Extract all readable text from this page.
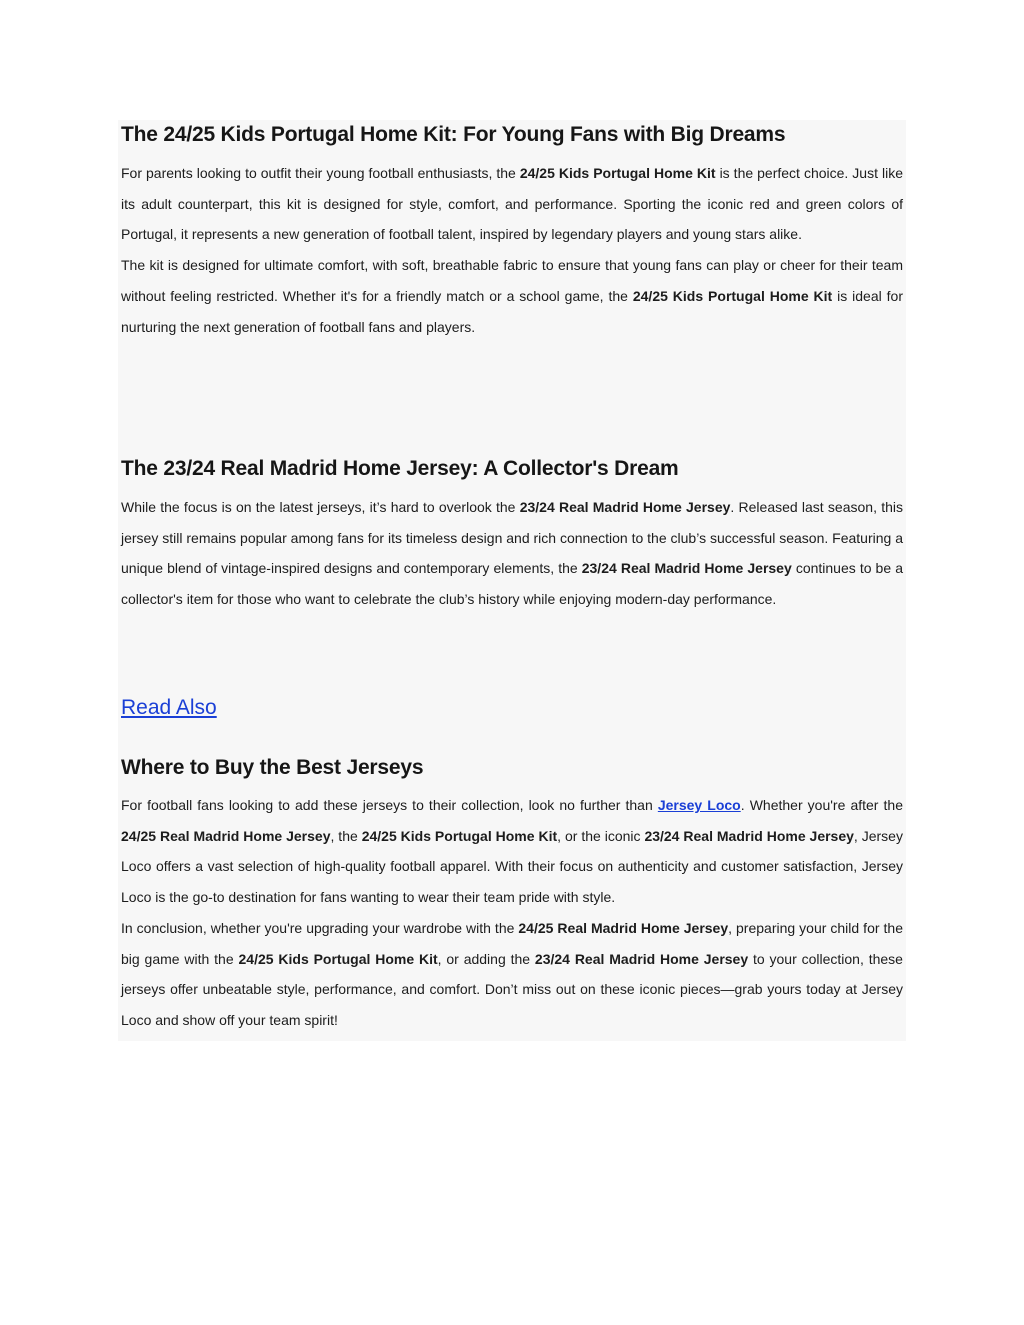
The 24/25 Kids Portugal Home Kit: For Young Fans with Big Dreams

For parents looking to outfit their young football enthusiasts, the 24/25 Kids Portugal Home Kit is the perfect choice. Just like its adult counterpart, this kit is designed for style, comfort, and performance. Sporting the iconic red and green colors of Portugal, it represents a new generation of football talent, inspired by legendary players and young stars alike.

The kit is designed for ultimate comfort, with soft, breathable fabric to ensure that young fans can play or cheer for their team without feeling restricted. Whether it's for a friendly match or a school game, the 24/25 Kids Portugal Home Kit is ideal for nurturing the next generation of football fans and players.

The 23/24 Real Madrid Home Jersey: A Collector's Dream

While the focus is on the latest jerseys, it’s hard to overlook the 23/24 Real Madrid Home Jersey. Released last season, this jersey still remains popular among fans for its timeless design and rich connection to the club’s successful season. Featuring a unique blend of vintage-inspired designs and contemporary elements, the 23/24 Real Madrid Home Jersey continues to be a collector's item for those who want to celebrate the club’s history while enjoying modern-day performance.

Read Also
Where to Buy the Best Jerseys

For football fans looking to add these jerseys to their collection, look no further than Jersey Loco. Whether you're after the 24/25 Real Madrid Home Jersey, the 24/25 Kids Portugal Home Kit, or the iconic 23/24 Real Madrid Home Jersey, Jersey Loco offers a vast selection of high-quality football apparel. With their focus on authenticity and customer satisfaction, Jersey Loco is the go-to destination for fans wanting to wear their team pride with style.

In conclusion, whether you're upgrading your wardrobe with the 24/25 Real Madrid Home Jersey, preparing your child for the big game with the 24/25 Kids Portugal Home Kit, or adding the 23/24 Real Madrid Home Jersey to your collection, these jerseys offer unbeatable style, performance, and comfort. Don’t miss out on these iconic pieces—grab yours today at Jersey Loco and show off your team spirit!
